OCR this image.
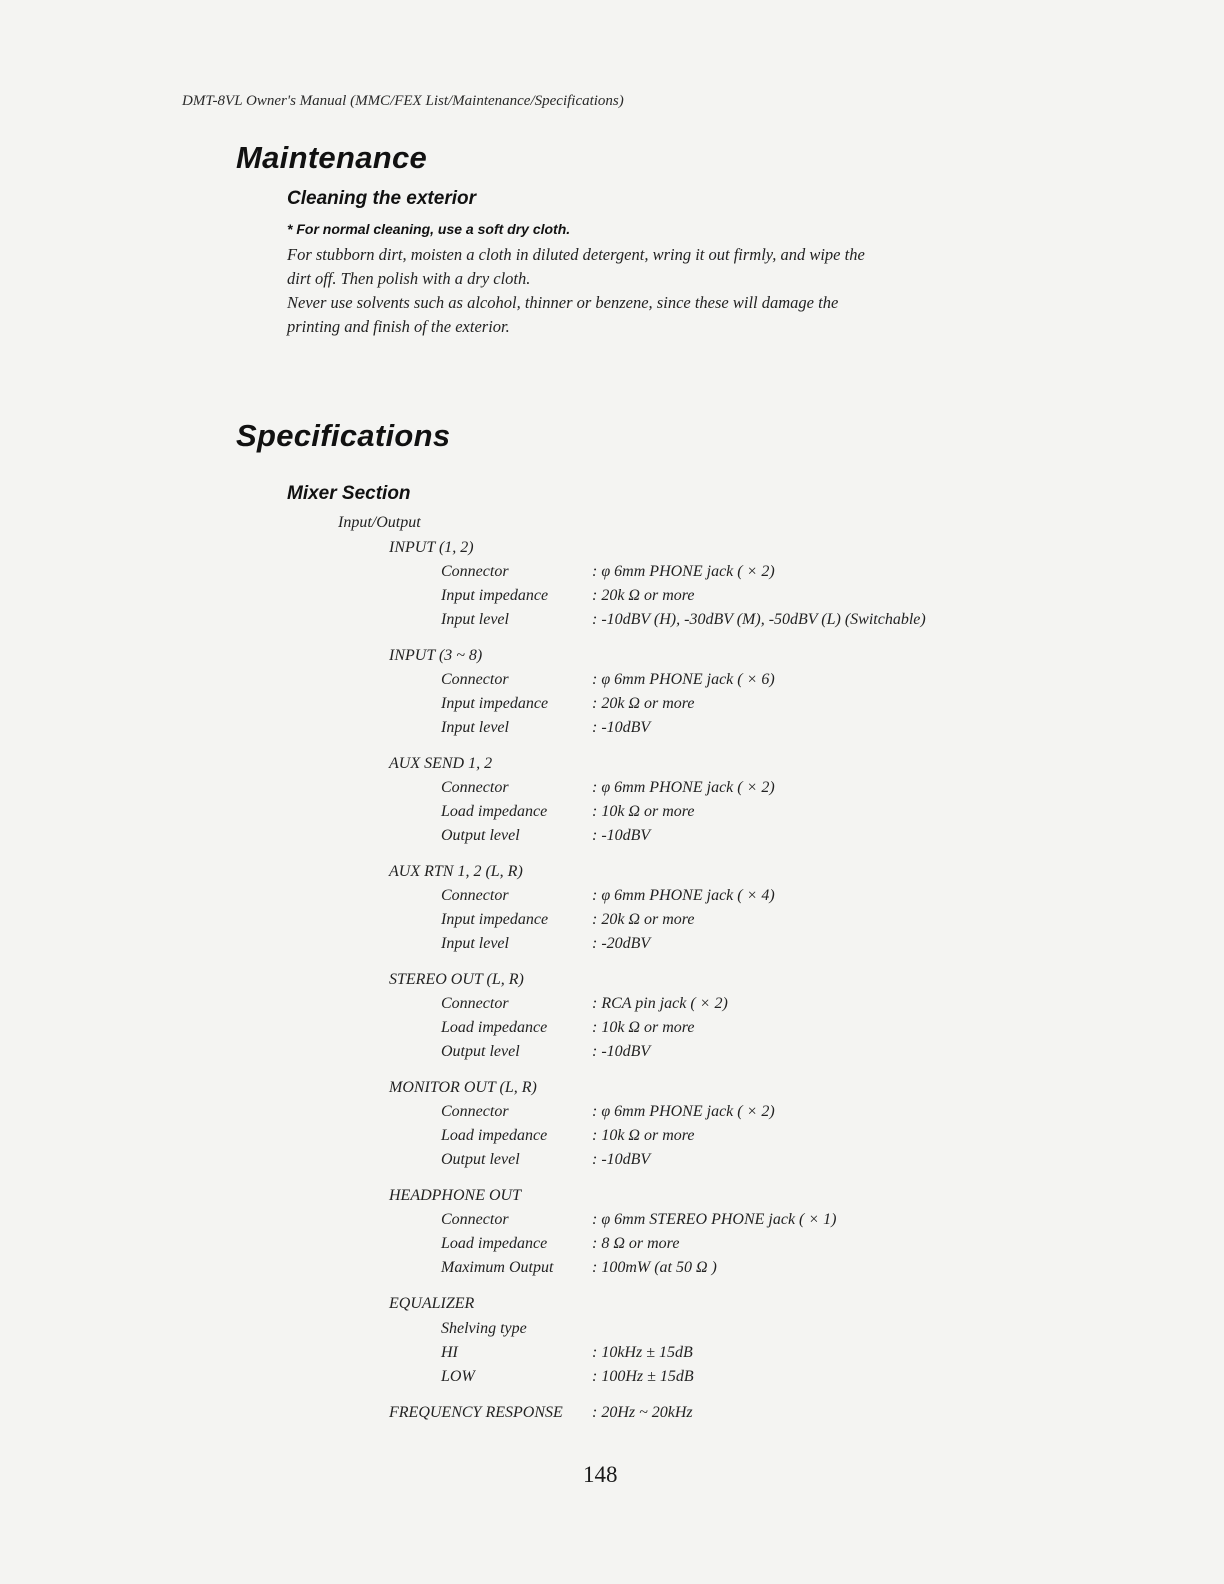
DMT-8VL Owner's Manual (MMC/FEX List/Maintenance/Specifications)
Maintenance
Cleaning the exterior
* For normal cleaning, use a soft dry cloth.
For stubborn dirt, moisten a cloth in diluted detergent, wring it out firmly, and wipe the
dirt off. Then polish with a dry cloth.
Never use solvents such as alcohol, thinner or benzene, since these will damage the
printing and finish of the exterior.
Specifications
Mixer Section
Input/Output
INPUT (1, 2)
Connector	: φ 6mm PHONE jack ( × 2)
Input impedance	: 20k Ω or more
Input level	: -10dBV (H), -30dBV (M), -50dBV (L) (Switchable)
INPUT (3 ~ 8)
Connector	: φ 6mm PHONE jack ( × 6)
Input impedance	: 20k Ω or more
Input level	: -10dBV
AUX SEND 1, 2
Connector	: φ 6mm PHONE jack ( × 2)
Load impedance	: 10k Ω or more
Output level	: -10dBV
AUX RTN 1, 2 (L, R)
Connector	: φ 6mm PHONE jack ( × 4)
Input impedance	: 20k Ω or more
Input level	: -20dBV
STEREO OUT (L, R)
Connector	: RCA pin jack ( × 2)
Load impedance	: 10k Ω or more
Output level	: -10dBV
MONITOR OUT (L, R)
Connector	: φ 6mm PHONE jack ( × 2)
Load impedance	: 10k Ω or more
Output level	: -10dBV
HEADPHONE OUT
Connector	: φ 6mm STEREO PHONE jack ( × 1)
Load impedance	: 8 Ω or more
Maximum Output : 100mW (at 50 Ω )
EQUALIZER
Shelving type
HI	: 10kHz ± 15dB
LOW	: 100Hz ± 15dB
FREQUENCY RESPONSE : 20Hz ~ 20kHz
148
